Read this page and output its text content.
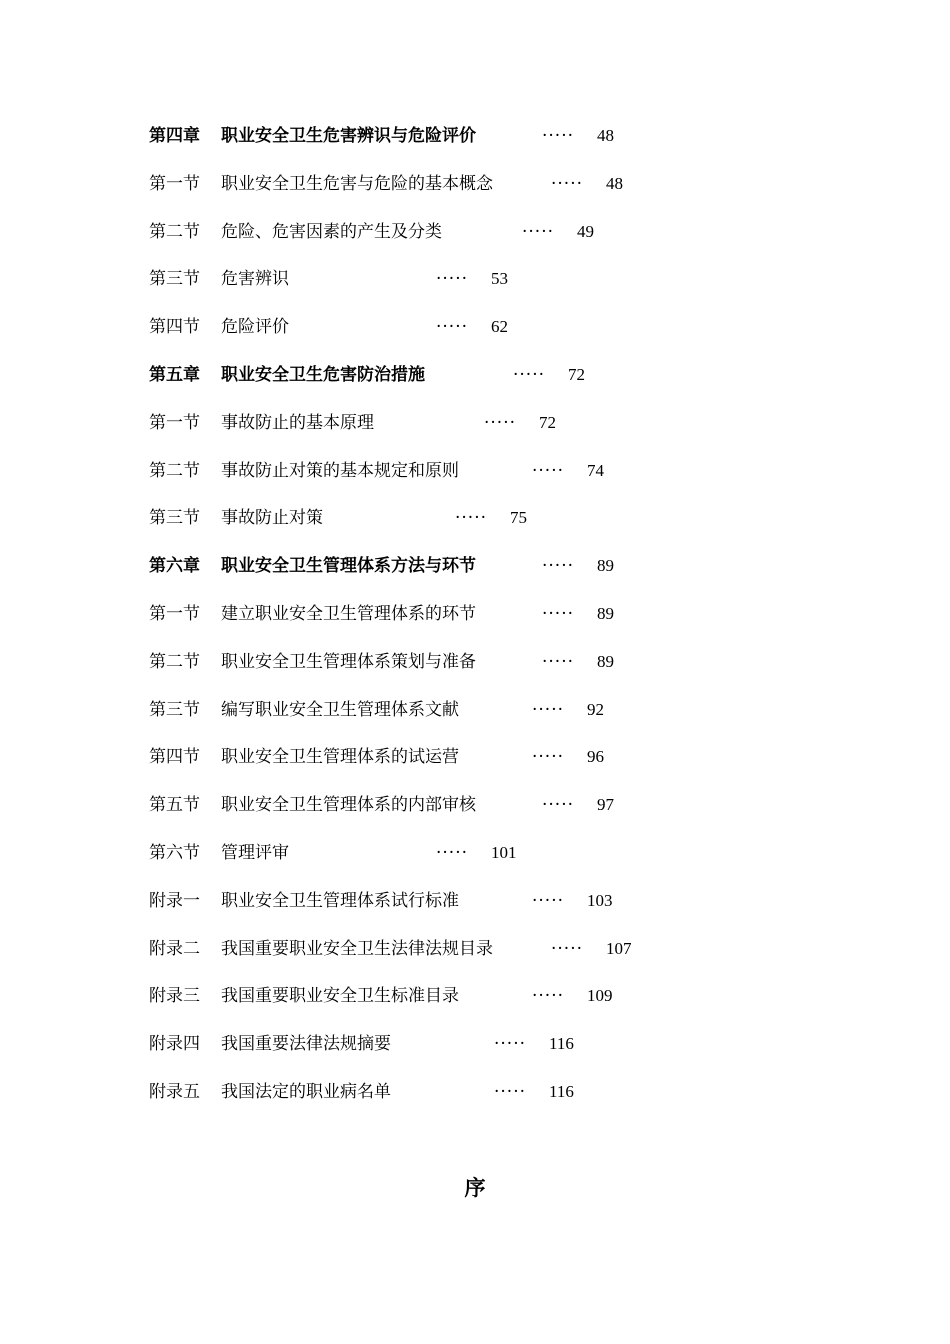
第四章 职业安全卫生危害辨识与危险评价	····· 48
第一节 职业安全卫生危害与危险的基本概念	····· 48
第二节 危险、危害因素的产生及分类	····· 49
第三节 危害辨识	····· 53
第四节 危险评价	····· 62
第五章 职业安全卫生危害防治措施	····· 72
第一节 事故防止的基本原理	····· 72
第二节 事故防止对策的基本规定和原则	····· 74
第三节 事故防止对策	····· 75
第六章 职业安全卫生管理体系方法与环节	····· 89
第一节 建立职业安全卫生管理体系的环节	····· 89
第二节 职业安全卫生管理体系策划与准备	····· 89
第三节 编写职业安全卫生管理体系文献	····· 92
第四节 职业安全卫生管理体系的试运营	····· 96
第五节 职业安全卫生管理体系的内部审核	····· 97
第六节 管理评审	····· 101
附录一 职业安全卫生管理体系试行标准	····· 103
附录二 我国重要职业安全卫生法律法规目录	····· 107
附录三 我国重要职业安全卫生标准目录	····· 109
附录四 我国重要法律法规摘要	····· 116
附录五 我国法定的职业病名单	····· 116
序
